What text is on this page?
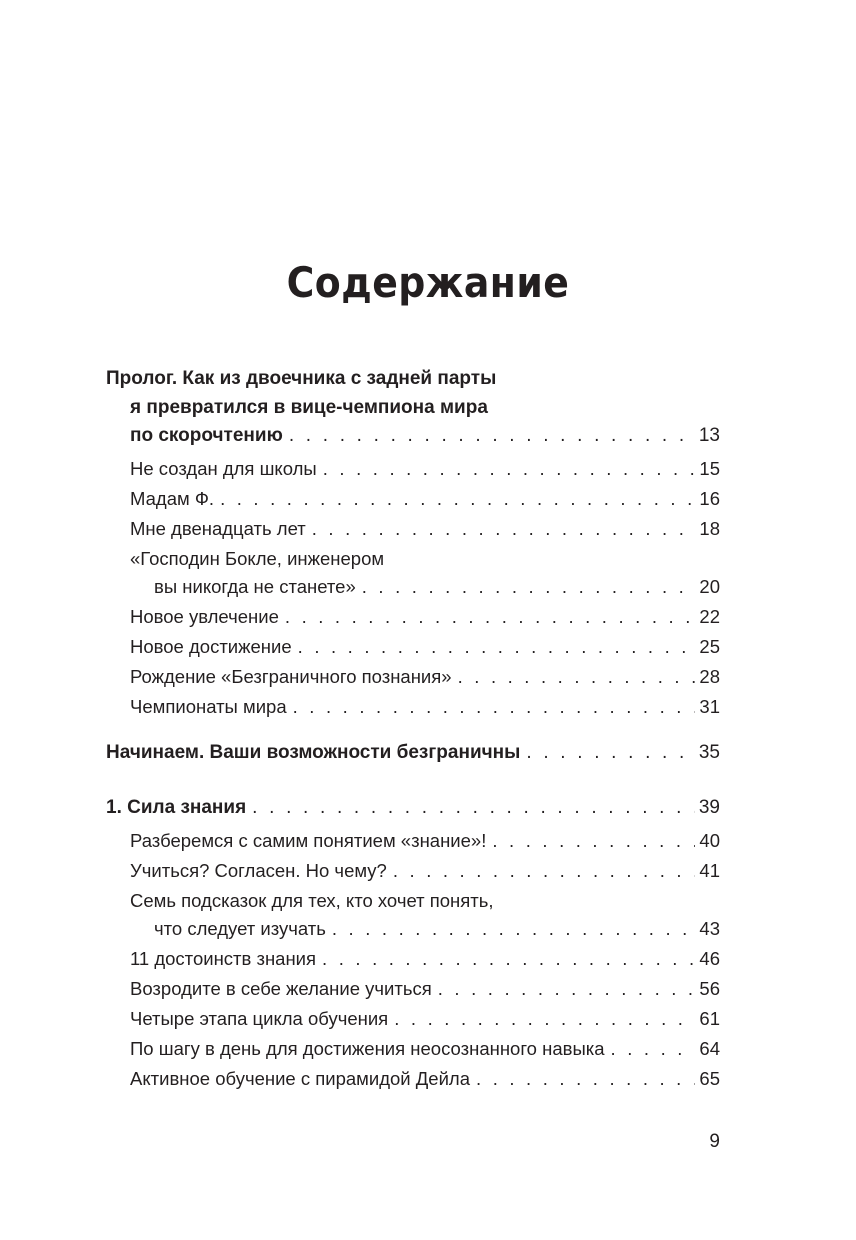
Содержание
Пролог. Как из двоечника с задней парты
я превратился в вице-чемпиона мира
по скорочтению . . .	13
Не создан для школы . . .	15
Мадам Ф. . . .	16
Мне двенадцать лет . . .	18
«Господин Бокле, инженером
вы никогда не станете» . . .	20
Новое увлечение . . .	22
Новое достижение . . .	25
Рождение «Безграничного познания» . . .	28
Чемпионаты мира . . .	31
Начинаем. Ваши возможности безграничны . . .	35
1. Сила знания . . .	39
Разберемся с самим понятием «знание»! . . .	40
Учиться? Согласен. Но чему? . . .	41
Семь подсказок для тех, кто хочет понять,
что следует изучать . . .	43
11 достоинств знания . . .	46
Возродите в себе желание учиться . . .	56
Четыре этапа цикла обучения . . .	61
По шагу в день для достижения неосознанного навыка . . .	64
Активное обучение с пирамидой Дейла . . .	65
9
